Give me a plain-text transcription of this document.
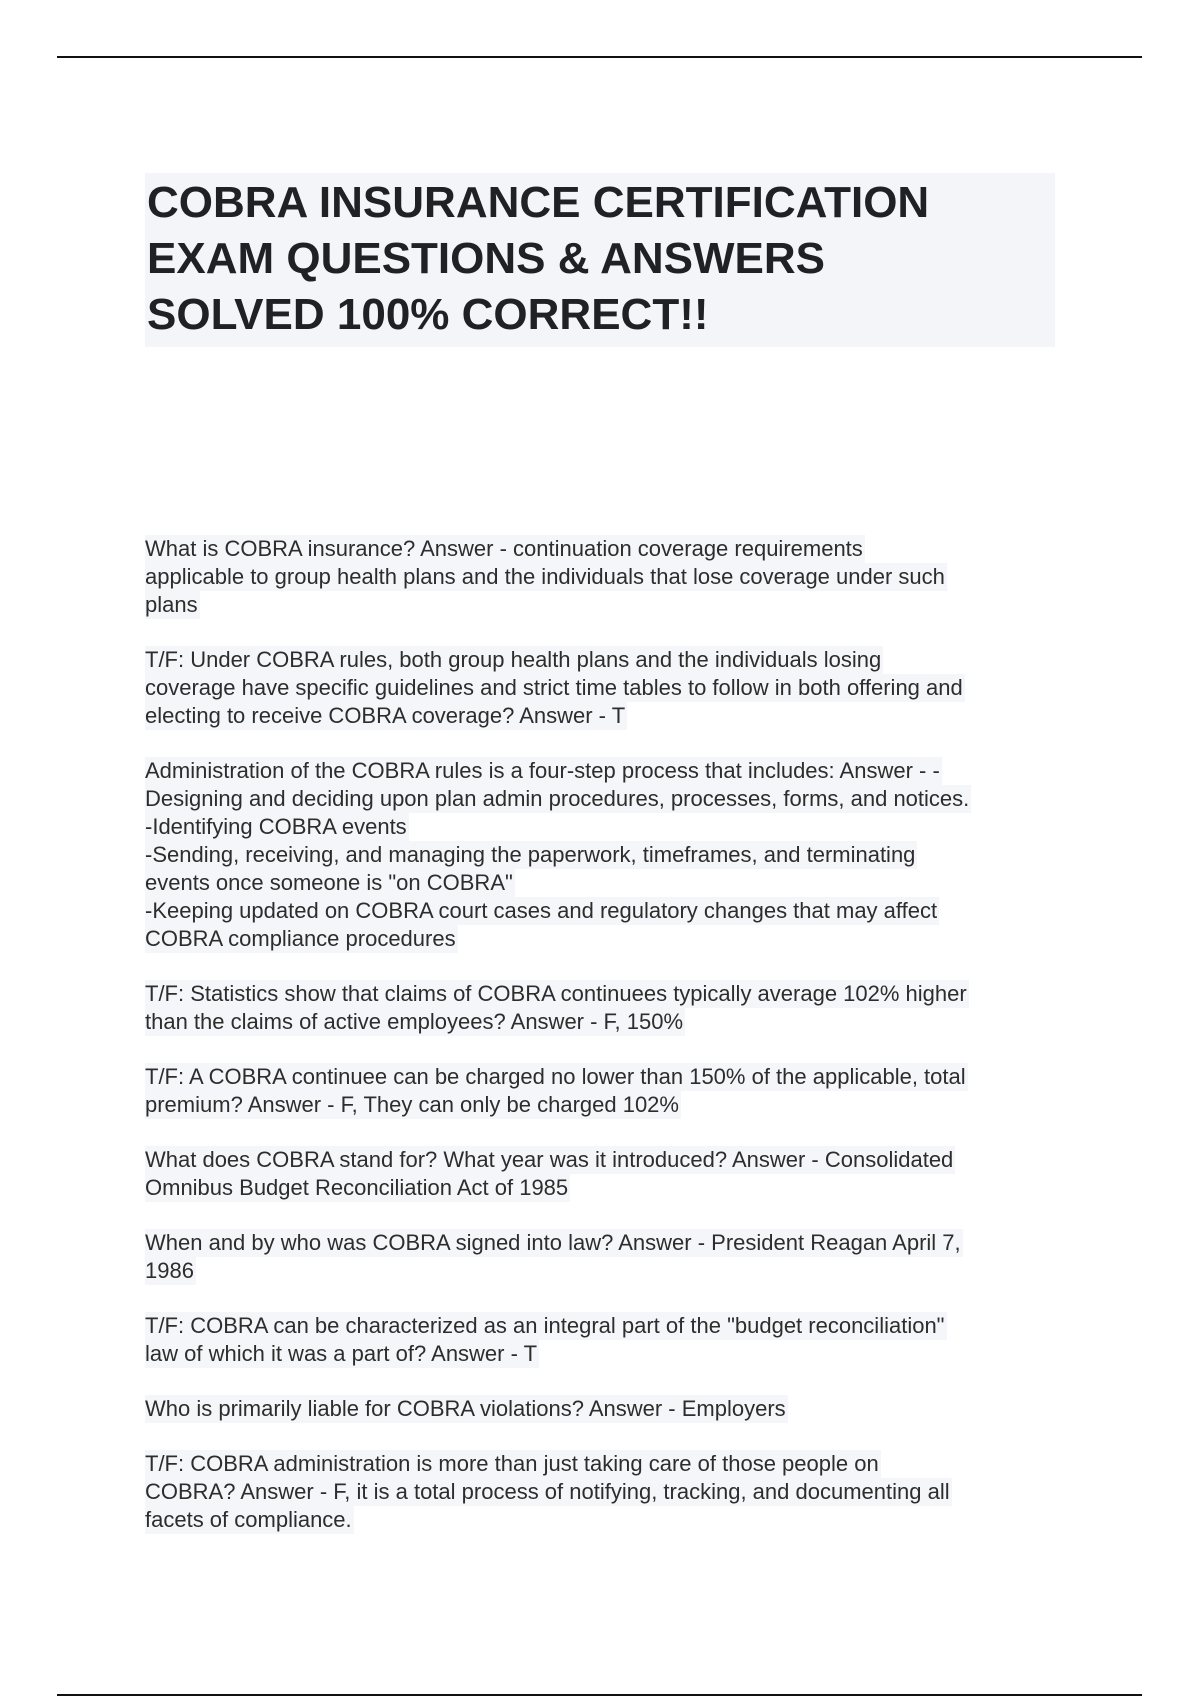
COBRA INSURANCE CERTIFICATION
EXAM QUESTIONS & ANSWERS
SOLVED 100% CORRECT!!
What is COBRA insurance? Answer - continuation coverage requirements
applicable to group health plans and the individuals that lose coverage under such
plans
T/F: Under COBRA rules, both group health plans and the individuals losing
coverage have specific guidelines and strict time tables to follow in both offering and
electing to receive COBRA coverage? Answer - T
Administration of the COBRA rules is a four-step process that includes: Answer - -
Designing and deciding upon plan admin procedures, processes, forms, and notices.
-Identifying COBRA events
-Sending, receiving, and managing the paperwork, timeframes, and terminating
events once someone is "on COBRA"
-Keeping updated on COBRA court cases and regulatory changes that may affect
COBRA compliance procedures
T/F: Statistics show that claims of COBRA continuees typically average 102% higher
than the claims of active employees? Answer - F, 150%
T/F: A COBRA continuee can be charged no lower than 150% of the applicable, total
premium? Answer - F, They can only be charged 102%
What does COBRA stand for? What year was it introduced? Answer - Consolidated
Omnibus Budget Reconciliation Act of 1985
When and by who was COBRA signed into law? Answer - President Reagan April 7,
1986
T/F: COBRA can be characterized as an integral part of the "budget reconciliation"
law of which it was a part of? Answer - T
Who is primarily liable for COBRA violations? Answer - Employers
T/F: COBRA administration is more than just taking care of those people on
COBRA? Answer - F, it is a total process of notifying, tracking, and documenting all
facets of compliance.
